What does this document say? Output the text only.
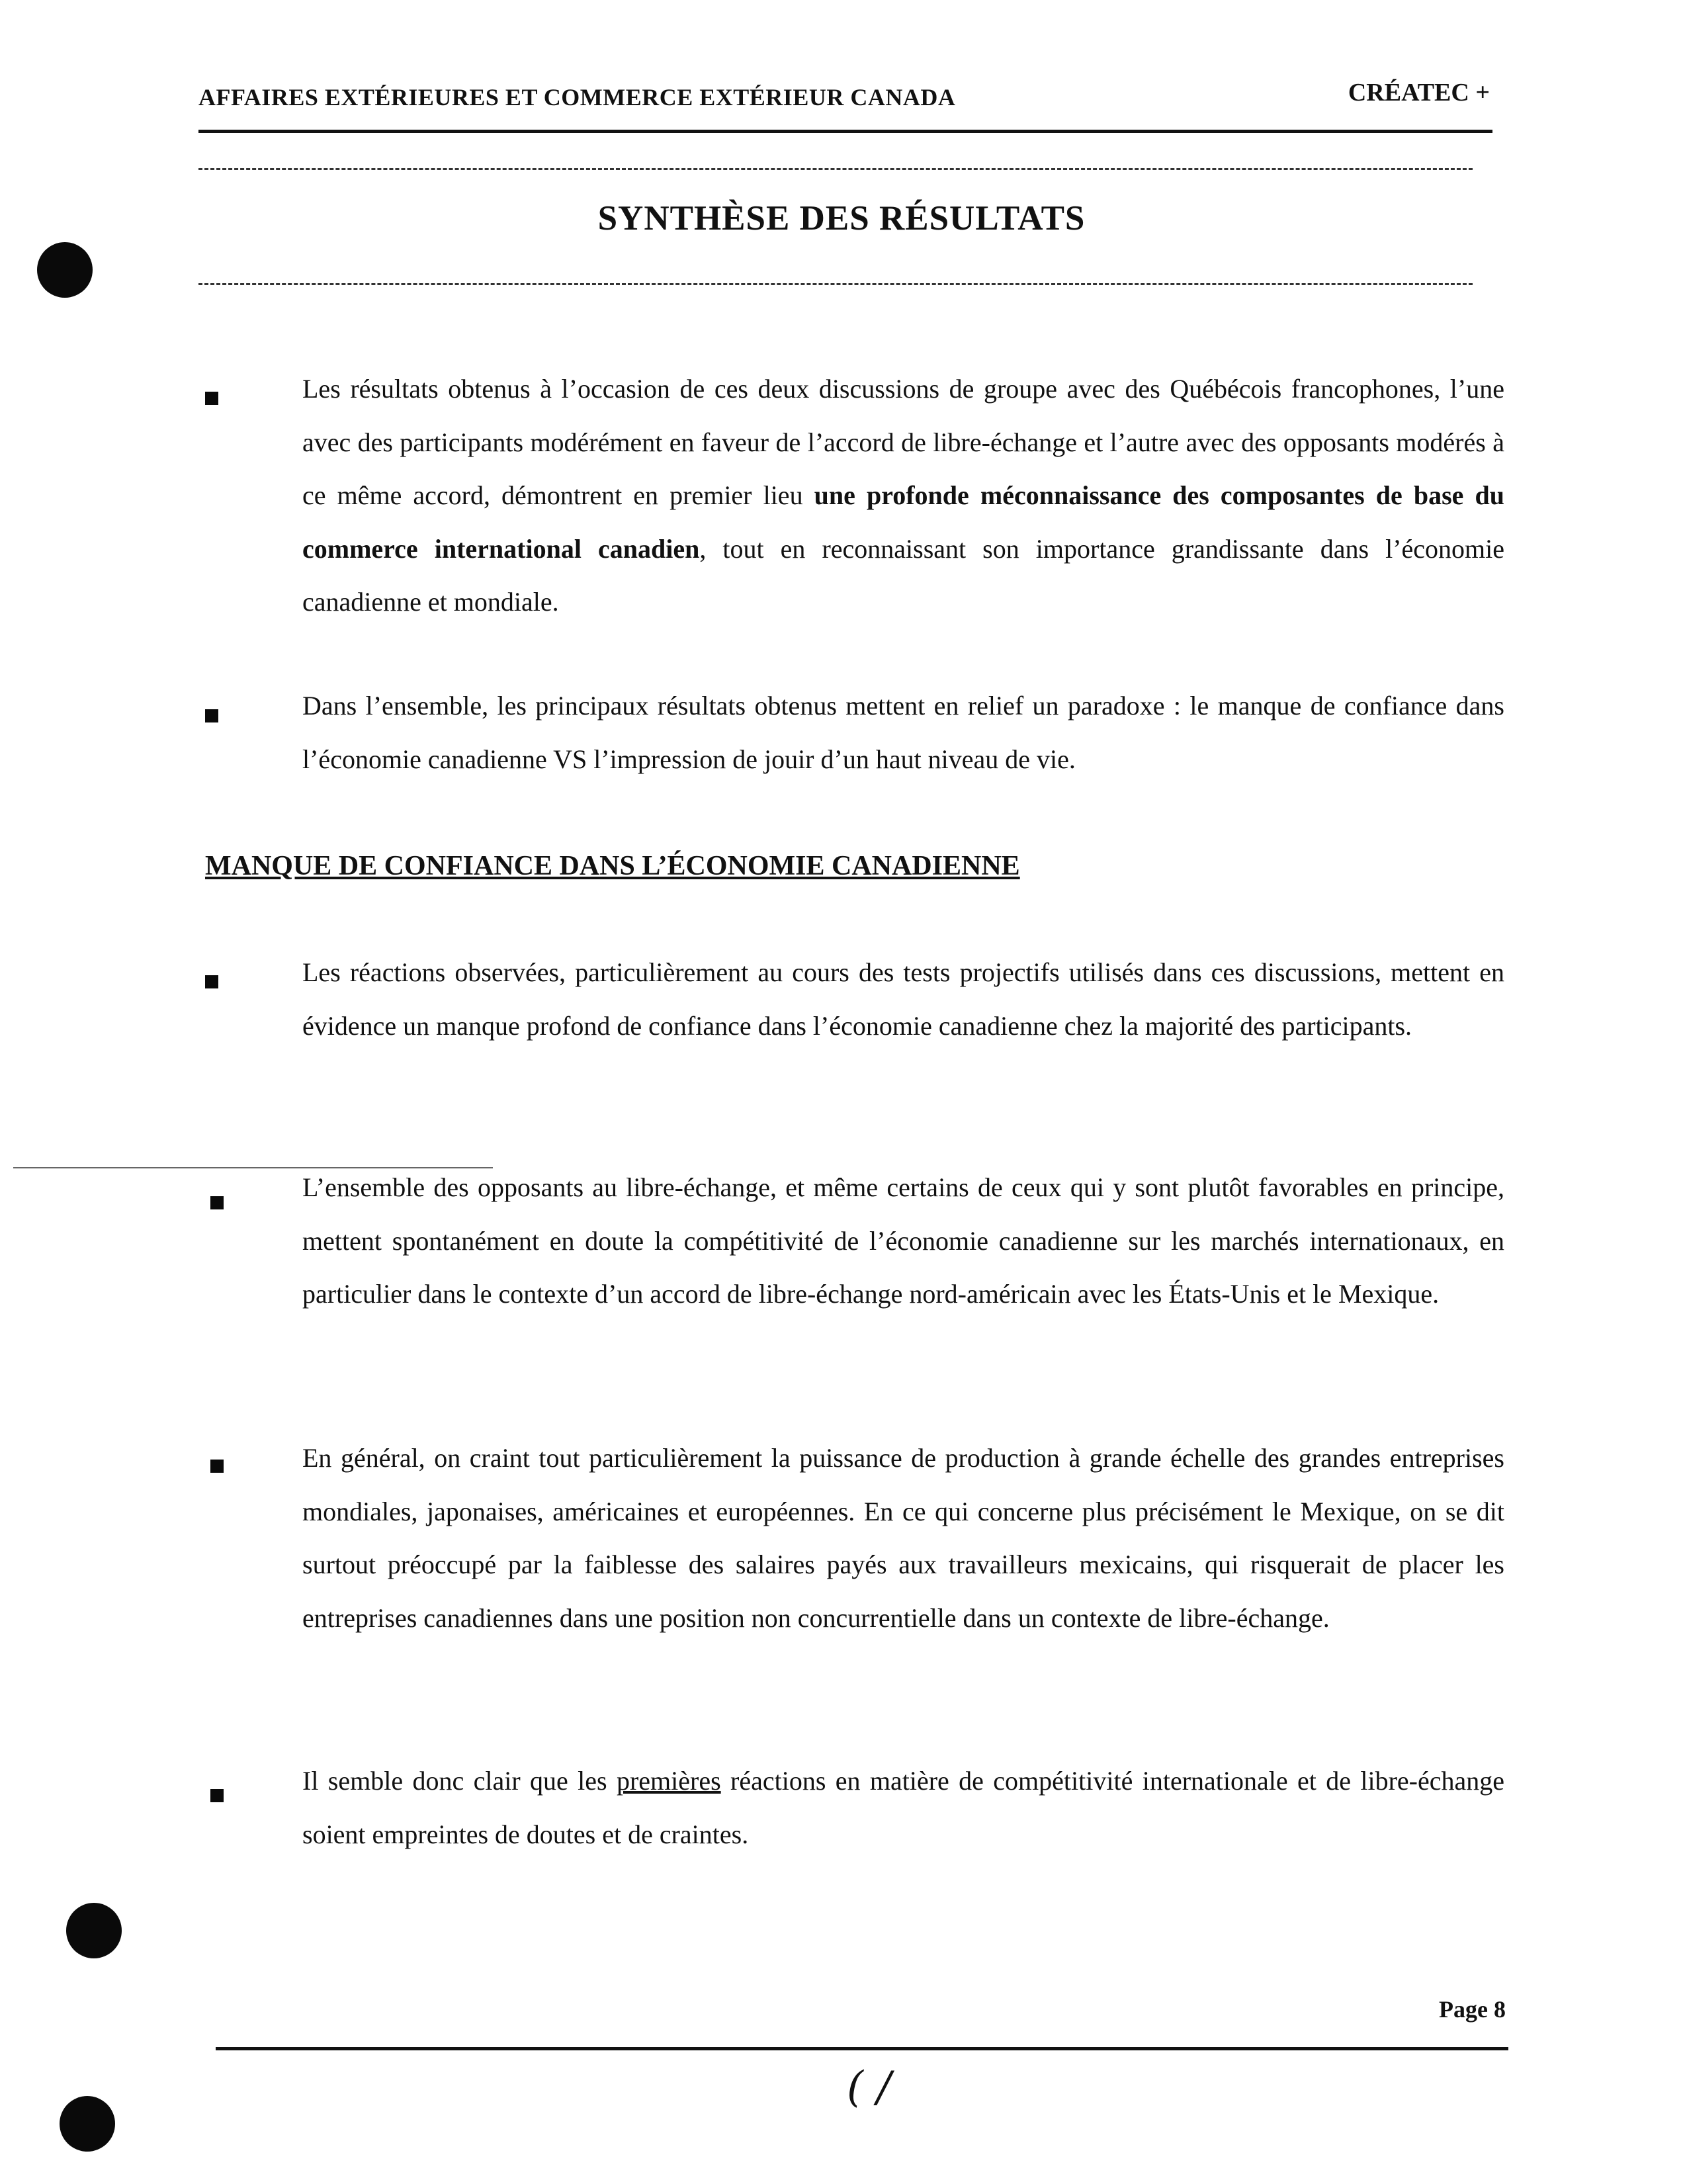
AFFAIRES EXTÉRIEURES ET COMMERCE EXTÉRIEUR CANADA	CRÉATEC +
SYNTHÈSE DES RÉSULTATS
Les résultats obtenus à l’occasion de ces deux discussions de groupe avec des Québécois francophones, l’une avec des participants modérément en faveur de l’accord de libre-échange et l’autre avec des opposants modérés à ce même accord, démontrent en premier lieu une profonde méconnaissance des composantes de base du commerce international canadien, tout en reconnaissant son importance grandissante dans l’économie canadienne et mondiale.
Dans l’ensemble, les principaux résultats obtenus mettent en relief un paradoxe : le manque de confiance dans l’économie canadienne VS l’impression de jouir d’un haut niveau de vie.
MANQUE DE CONFIANCE DANS L’ÉCONOMIE CANADIENNE
Les réactions observées, particulièrement au cours des tests projectifs utilisés dans ces discussions, mettent en évidence un manque profond de confiance dans l’économie canadienne chez la majorité des participants.
L’ensemble des opposants au libre-échange, et même certains de ceux qui y sont plutôt favorables en principe, mettent spontanément en doute la compétitivité de l’économie canadienne sur les marchés internationaux, en particulier dans le contexte d’un accord de libre-échange nord-américain avec les États-Unis et le Mexique.
En général, on craint tout particulièrement la puissance de production à grande échelle des grandes entreprises mondiales, japonaises, américaines et européennes. En ce qui concerne plus précisément le Mexique, on se dit surtout préoccupé par la faiblesse des salaires payés aux travailleurs mexicains, qui risquerait de placer les entreprises canadiennes dans une position non concurrentielle dans un contexte de libre-échange.
Il semble donc clair que les premières réactions en matière de compétitivité internationale et de libre-échange soient empreintes de doutes et de craintes.
Page 8
( /
